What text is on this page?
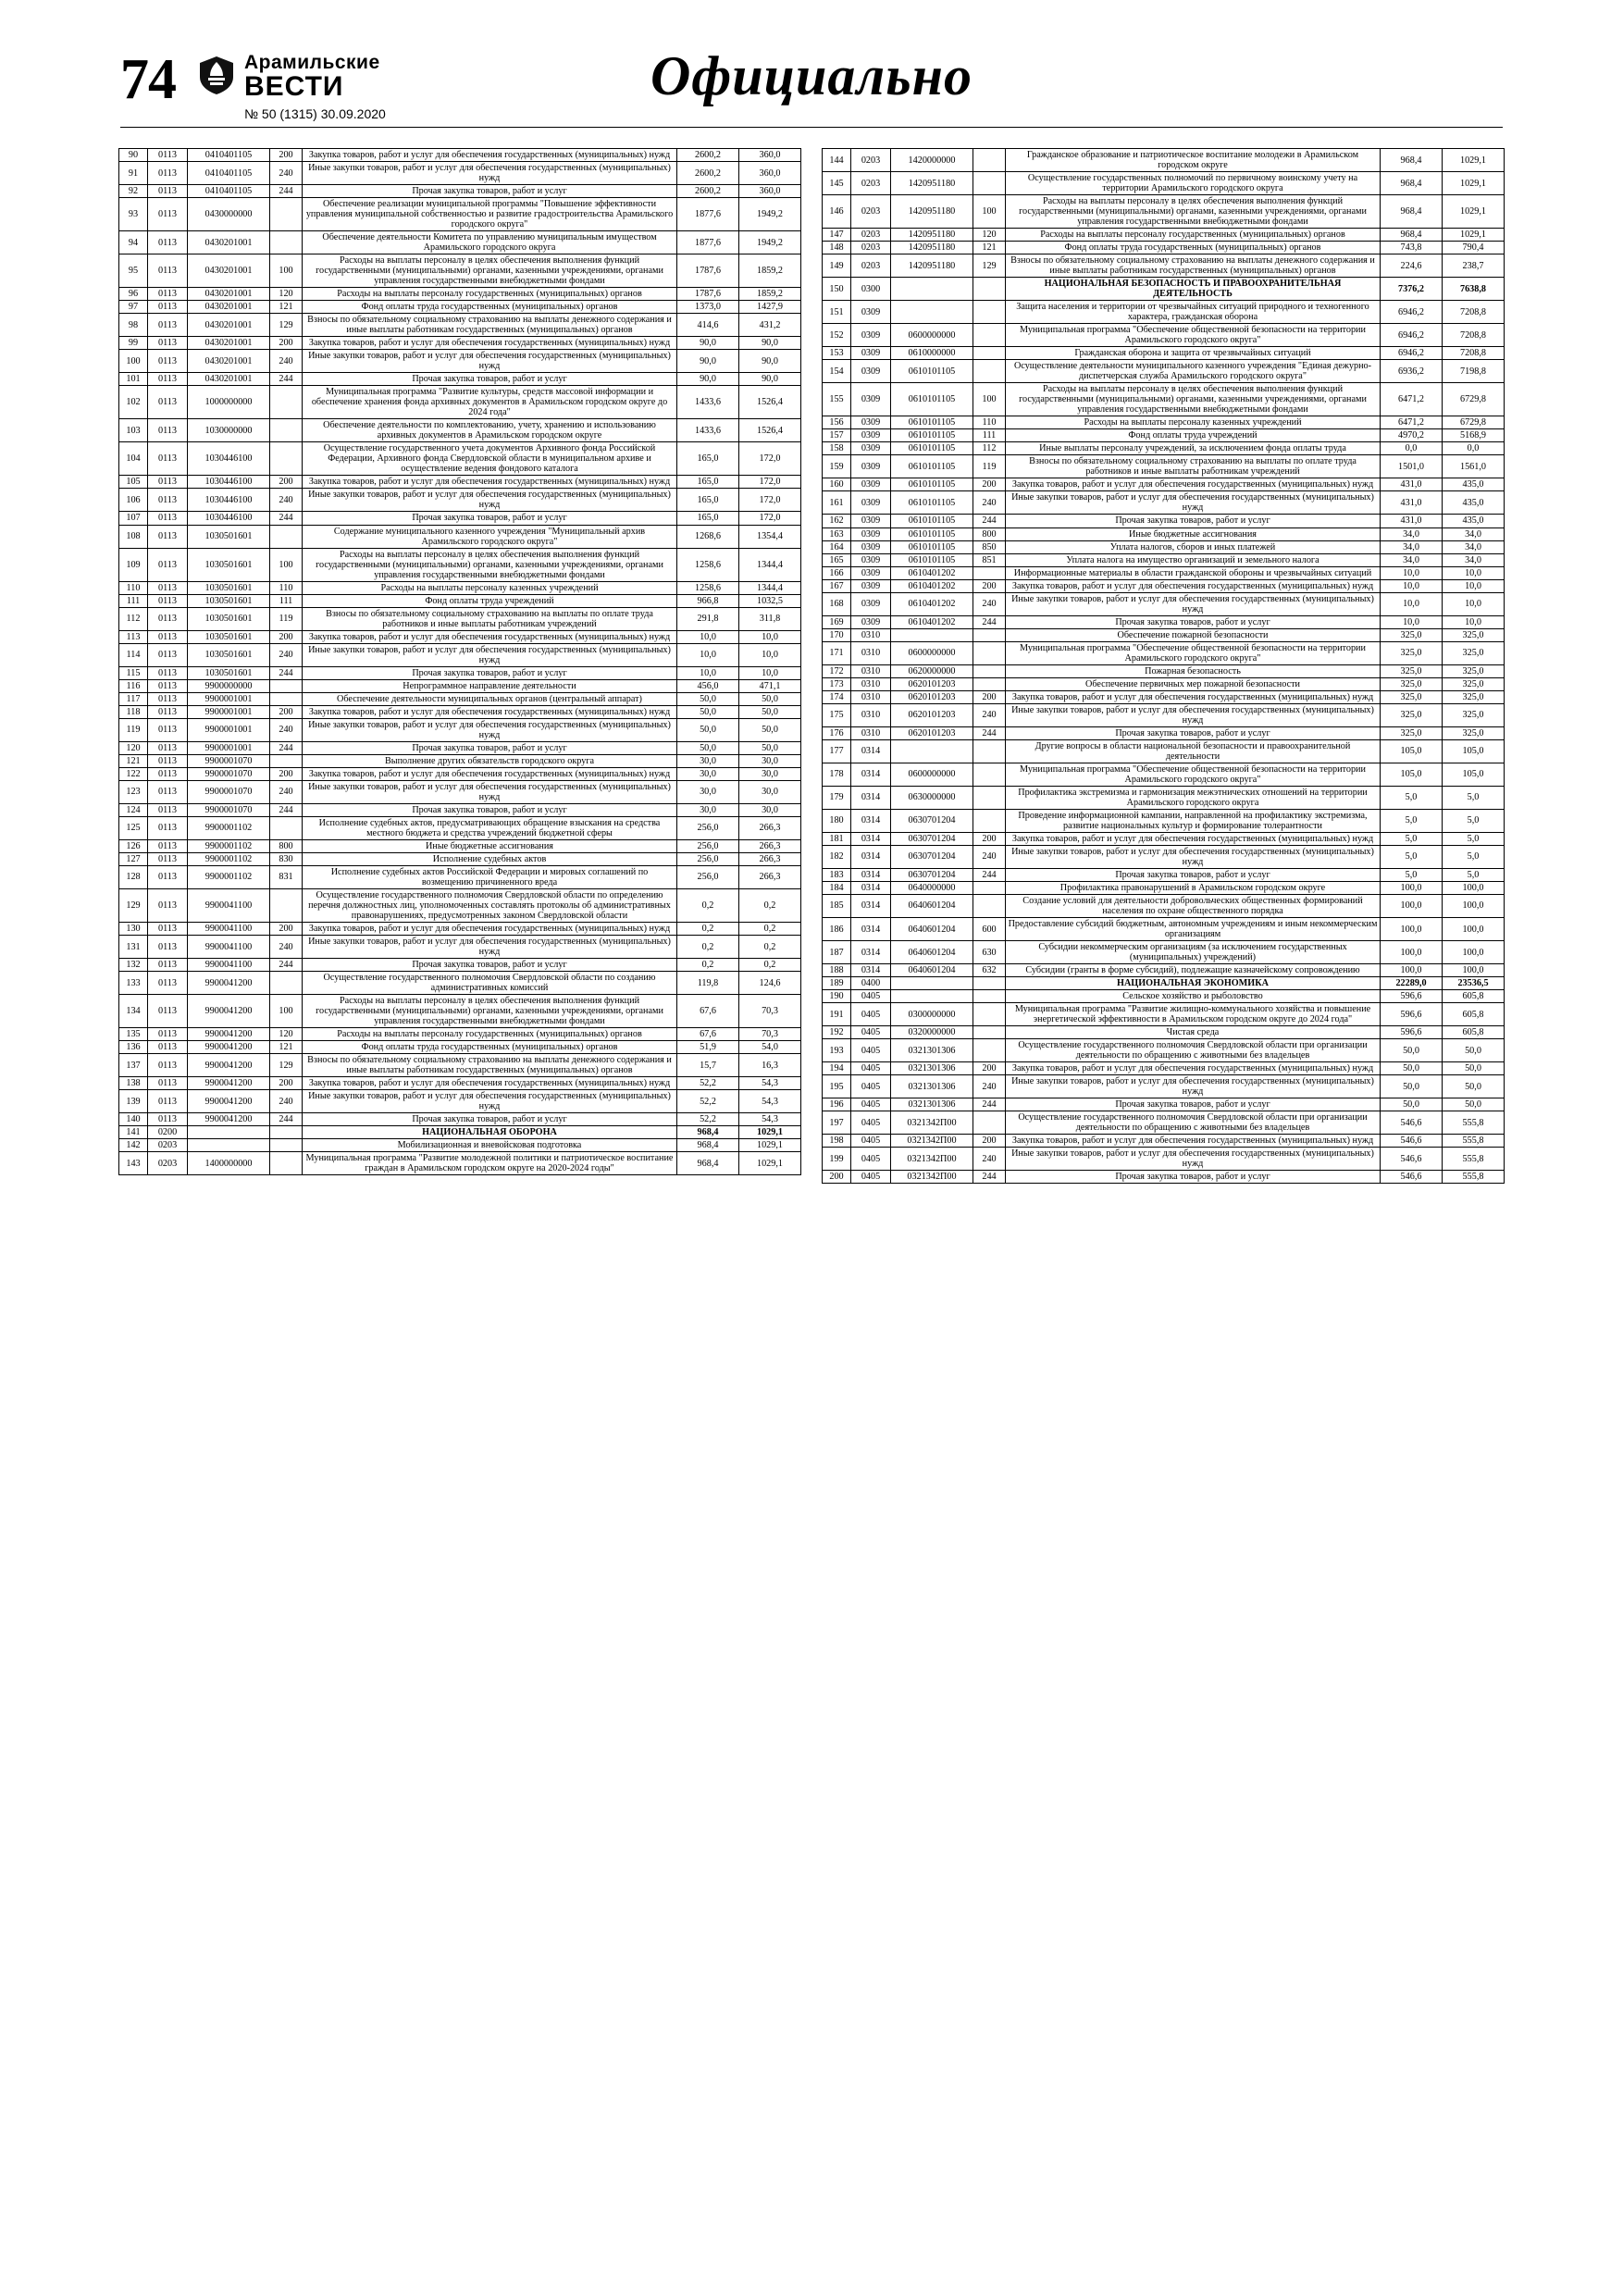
74	Арамильские
ВЕСТИ
№ 50 (1315) 30.09.2020
Официально
90	0113	0410401105	200	Закупка товаров, работ и услуг для обеспечения государственных (муниципальных) нужд	2600,2	360,0
91	0113	0410401105	240	Иные закупки товаров, работ и услуг для обеспечения государственных (муниципальных) нужд	2600,2	360,0
92	0113	0410401105	244	Прочая закупка товаров, работ и услуг	2600,2	360,0
93	0113	0430000000		Обеспечение реализации муниципальной программы "Повышение эффективности управления муниципальной собственностью и развитие градостроительства Арамильского городского округа"	1877,6	1949,2
94	0113	0430201001		Обеспечение деятельности Комитета по управлению муниципальным имуществом Арамильского городского округа	1877,6	1949,2
95	0113	0430201001	100	Расходы на выплаты персоналу в целях обеспечения выполнения функций государственными (муниципальными) органами, казенными учреждениями, органами управления государственными внебюджетными фондами	1787,6	1859,2
96	0113	0430201001	120	Расходы на выплаты персоналу государственных (муниципальных) органов	1787,6	1859,2
97	0113	0430201001	121	Фонд оплаты труда государственных (муниципальных) органов	1373,0	1427,9
98	0113	0430201001	129	Взносы по обязательному социальному страхованию на выплаты денежного содержания и иные выплаты работникам государственных (муниципальных) органов	414,6	431,2
99	0113	0430201001	200	Закупка товаров, работ и услуг для обеспечения государственных (муниципальных) нужд	90,0	90,0
100	0113	0430201001	240	Иные закупки товаров, работ и услуг для обеспечения государственных (муниципальных) нужд	90,0	90,0
101	0113	0430201001	244	Прочая закупка товаров, работ и услуг	90,0	90,0
102	0113	1000000000		Муниципальная программа "Развитие культуры, средств массовой информации и обеспечение хранения фонда архивных документов в Арамильском городском округе до 2024 года"	1433,6	1526,4
103	0113	1030000000		Обеспечение деятельности по комплектованию, учету, хранению и использованию архивных документов в Арамильском городском округе	1433,6	1526,4
104	0113	1030446100		Осуществление государственного учета документов Архивного фонда Российской Федерации, Архивного фонда Свердловской области в муниципальном архиве и осуществление ведения фондового каталога	165,0	172,0
105	0113	1030446100	200	Закупка товаров, работ и услуг для обеспечения государственных (муниципальных) нужд	165,0	172,0
106	0113	1030446100	240	Иные закупки товаров, работ и услуг для обеспечения государственных (муниципальных) нужд	165,0	172,0
107	0113	1030446100	244	Прочая закупка товаров, работ и услуг	165,0	172,0
108	0113	1030501601		Содержание муниципального казенного учреждения "Муниципальный архив Арамильского городского округа"	1268,6	1354,4
109	0113	1030501601	100	Расходы на выплаты персоналу в целях обеспечения выполнения функций государственными (муниципальными) органами, казенными учреждениями, органами управления государственными внебюджетными фондами	1258,6	1344,4
110	0113	1030501601	110	Расходы на выплаты персоналу казенных учреждений	1258,6	1344,4
111	0113	1030501601	111	Фонд оплаты труда учреждений	966,8	1032,5
112	0113	1030501601	119	Взносы по обязательному социальному страхованию на выплаты по оплате труда работников и иные выплаты работникам учреждений	291,8	311,8
113	0113	1030501601	200	Закупка товаров, работ и услуг для обеспечения государственных (муниципальных) нужд	10,0	10,0
114	0113	1030501601	240	Иные закупки товаров, работ и услуг для обеспечения государственных (муниципальных) нужд	10,0	10,0
115	0113	1030501601	244	Прочая закупка товаров, работ и услуг	10,0	10,0
116	0113	9900000000		Непрограммное направление деятельности	456,0	471,1
117	0113	9900001001		Обеспечение деятельности муниципальных органов (центральный аппарат)	50,0	50,0
118	0113	9900001001	200	Закупка товаров, работ и услуг для обеспечения государственных (муниципальных) нужд	50,0	50,0
119	0113	9900001001	240	Иные закупки товаров, работ и услуг для обеспечения государственных (муниципальных) нужд	50,0	50,0
120	0113	9900001001	244	Прочая закупка товаров, работ и услуг	50,0	50,0
121	0113	9900001070		Выполнение других обязательств городского округа	30,0	30,0
122	0113	9900001070	200	Закупка товаров, работ и услуг для обеспечения государственных (муниципальных) нужд	30,0	30,0
123	0113	9900001070	240	Иные закупки товаров, работ и услуг для обеспечения государственных (муниципальных) нужд	30,0	30,0
124	0113	9900001070	244	Прочая закупка товаров, работ и услуг	30,0	30,0
125	0113	9900001102		Исполнение судебных актов, предусматривающих обращение взыскания на средства местного бюджета и средства учреждений бюджетной сферы	256,0	266,3
126	0113	9900001102	800	Иные бюджетные ассигнования	256,0	266,3
127	0113	9900001102	830	Исполнение судебных актов	256,0	266,3
128	0113	9900001102	831	Исполнение судебных актов Российской Федерации и мировых соглашений по возмещению причиненного вреда	256,0	266,3
129	0113	9900041100		Осуществление государственного полномочия Свердловской области по определению перечня должностных лиц, уполномоченных составлять протоколы об административных правонарушениях, предусмотренных законом Свердловской области	0,2	0,2
130	0113	9900041100	200	Закупка товаров, работ и услуг для обеспечения государственных (муниципальных) нужд	0,2	0,2
131	0113	9900041100	240	Иные закупки товаров, работ и услуг для обеспечения государственных (муниципальных) нужд	0,2	0,2
132	0113	9900041100	244	Прочая закупка товаров, работ и услуг	0,2	0,2
133	0113	9900041200		Осуществление государственного полномочия Свердловской области по созданию административных комиссий	119,8	124,6
134	0113	9900041200	100	Расходы на выплаты персоналу в целях обеспечения выполнения функций государственными (муниципальными) органами, казенными учреждениями, органами управления государственными внебюджетными фондами	67,6	70,3
135	0113	9900041200	120	Расходы на выплаты персоналу государственных (муниципальных) органов	67,6	70,3
136	0113	9900041200	121	Фонд оплаты труда государственных (муниципальных) органов	51,9	54,0
137	0113	9900041200	129	Взносы по обязательному социальному страхованию на выплаты денежного содержания и иные выплаты работникам государственных (муниципальных) органов	15,7	16,3
138	0113	9900041200	200	Закупка товаров, работ и услуг для обеспечения государственных (муниципальных) нужд	52,2	54,3
139	0113	9900041200	240	Иные закупки товаров, работ и услуг для обеспечения государственных (муниципальных) нужд	52,2	54,3
140	0113	9900041200	244	Прочая закупка товаров, работ и услуг	52,2	54,3
141	0200			НАЦИОНАЛЬНАЯ ОБОРОНА	968,4	1029,1
142	0203			Мобилизационная и вневойсковая подготовка	968,4	1029,1
143	0203	1400000000		Муниципальная программа "Развитие молодежной политики и патриотическое воспитание граждан в Арамильском городском округе на 2020-2024 годы"	968,4	1029,1
144	0203	1420000000		Гражданское образование и патриотическое воспитание молодежи в Арамильском городском округе	968,4	1029,1
145	0203	1420951180		Осуществление государственных полномочий по первичному воинскому учету на территории Арамильского городского округа	968,4	1029,1
146	0203	1420951180	100	Расходы на выплаты персоналу в целях обеспечения выполнения функций государственными (муниципальными) органами, казенными учреждениями, органами управления государственными внебюджетными фондами	968,4	1029,1
147	0203	1420951180	120	Расходы на выплаты персоналу государственных (муниципальных) органов	968,4	1029,1
148	0203	1420951180	121	Фонд оплаты труда государственных (муниципальных) органов	743,8	790,4
149	0203	1420951180	129	Взносы по обязательному социальному страхованию на выплаты денежного содержания и иные выплаты работникам государственных (муниципальных) органов	224,6	238,7
150	0300			НАЦИОНАЛЬНАЯ БЕЗОПАСНОСТЬ И ПРАВООХРАНИТЕЛЬНАЯ ДЕЯТЕЛЬНОСТЬ	7376,2	7638,8
151	0309			Защита населения и территории от чрезвычайных ситуаций природного и техногенного характера, гражданская оборона	6946,2	7208,8
152	0309	0600000000		Муниципальная программа "Обеспечение общественной безопасности на территории Арамильского городского округа"	6946,2	7208,8
153	0309	0610000000		Гражданская оборона и защита от чрезвычайных ситуаций	6946,2	7208,8
154	0309	0610101105		Осуществление деятельности муниципального казенного учреждения "Единая дежурно-диспетчерская служба Арамильского городского округа"	6936,2	7198,8
155	0309	0610101105	100	Расходы на выплаты персоналу в целях обеспечения выполнения функций государственными (муниципальными) органами, казенными учреждениями, органами управления государственными внебюджетными фондами	6471,2	6729,8
156	0309	0610101105	110	Расходы на выплаты персоналу казенных учреждений	6471,2	6729,8
157	0309	0610101105	111	Фонд оплаты труда учреждений	4970,2	5168,9
158	0309	0610101105	112	Иные выплаты персоналу учреждений, за исключением фонда оплаты труда	0,0	0,0
159	0309	0610101105	119	Взносы по обязательному социальному страхованию на выплаты по оплате труда работников и иные выплаты работникам учреждений	1501,0	1561,0
160	0309	0610101105	200	Закупка товаров, работ и услуг для обеспечения государственных (муниципальных) нужд	431,0	435,0
161	0309	0610101105	240	Иные закупки товаров, работ и услуг для обеспечения государственных (муниципальных) нужд	431,0	435,0
162	0309	0610101105	244	Прочая закупка товаров, работ и услуг	431,0	435,0
163	0309	0610101105	800	Иные бюджетные ассигнования	34,0	34,0
164	0309	0610101105	850	Уплата налогов, сборов и иных платежей	34,0	34,0
165	0309	0610101105	851	Уплата налога на имущество организаций и земельного налога	34,0	34,0
166	0309	0610401202		Информационные материалы в области гражданской обороны и чрезвычайных ситуаций	10,0	10,0
167	0309	0610401202	200	Закупка товаров, работ и услуг для обеспечения государственных (муниципальных) нужд	10,0	10,0
168	0309	0610401202	240	Иные закупки товаров, работ и услуг для обеспечения государственных (муниципальных) нужд	10,0	10,0
169	0309	0610401202	244	Прочая закупка товаров, работ и услуг	10,0	10,0
170	0310			Обеспечение пожарной безопасности	325,0	325,0
171	0310	0600000000		Муниципальная программа "Обеспечение общественной безопасности на территории Арамильского городского округа"	325,0	325,0
172	0310	0620000000		Пожарная безопасность	325,0	325,0
173	0310	0620101203		Обеспечение первичных мер пожарной безопасности	325,0	325,0
174	0310	0620101203	200	Закупка товаров, работ и услуг для обеспечения государственных (муниципальных) нужд	325,0	325,0
175	0310	0620101203	240	Иные закупки товаров, работ и услуг для обеспечения государственных (муниципальных) нужд	325,0	325,0
176	0310	0620101203	244	Прочая закупка товаров, работ и услуг	325,0	325,0
177	0314			Другие вопросы в области национальной безопасности и правоохранительной деятельности	105,0	105,0
178	0314	0600000000		Муниципальная программа "Обеспечение общественной безопасности на территории Арамильского городского округа"	105,0	105,0
179	0314	0630000000		Профилактика экстремизма и гармонизация межэтнических отношений на территории Арамильского городского округа	5,0	5,0
180	0314	0630701204		Проведение информационной кампании, направленной на профилактику экстремизма, развитие национальных культур и формирование толерантности	5,0	5,0
181	0314	0630701204	200	Закупка товаров, работ и услуг для обеспечения государственных (муниципальных) нужд	5,0	5,0
182	0314	0630701204	240	Иные закупки товаров, работ и услуг для обеспечения государственных (муниципальных) нужд	5,0	5,0
183	0314	0630701204	244	Прочая закупка товаров, работ и услуг	5,0	5,0
184	0314	0640000000		Профилактика правонарушений в Арамильском городском округе	100,0	100,0
185	0314	0640601204		Создание условий для деятельности добровольческих общественных формирований населения по охране общественного порядка	100,0	100,0
186	0314	0640601204	600	Предоставление субсидий бюджетным, автономным учреждениям и иным некоммерческим организациям	100,0	100,0
187	0314	0640601204	630	Субсидии некоммерческим организациям (за исключением государственных (муниципальных) учреждений)	100,0	100,0
188	0314	0640601204	632	Субсидии (гранты в форме субсидий), подлежащие казначейскому сопровождению	100,0	100,0
189	0400			НАЦИОНАЛЬНАЯ ЭКОНОМИКА	22289,0	23536,5
190	0405			Сельское хозяйство и рыболовство	596,6	605,8
191	0405	0300000000		Муниципальная программа "Развитие жилищно-коммунального хозяйства и повышение энергетической эффективности в Арамильском городском округе до 2024 года"	596,6	605,8
192	0405	0320000000		Чистая среда	596,6	605,8
193	0405	0321301306		Осуществление государственного полномочия Свердловской области при организации деятельности по обращению с животными без владельцев	50,0	50,0
194	0405	0321301306	200	Закупка товаров, работ и услуг для обеспечения государственных (муниципальных) нужд	50,0	50,0
195	0405	0321301306	240	Иные закупки товаров, работ и услуг для обеспечения государственных (муниципальных) нужд	50,0	50,0
196	0405	0321301306	244	Прочая закупка товаров, работ и услуг	50,0	50,0
197	0405	0321342П00		Осуществление государственного полномочия Свердловской области при организации деятельности по обращению с животными без владельцев	546,6	555,8
198	0405	0321342П00	200	Закупка товаров, работ и услуг для обеспечения государственных (муниципальных) нужд	546,6	555,8
199	0405	0321342П00	240	Иные закупки товаров, работ и услуг для обеспечения государственных (муниципальных) нужд	546,6	555,8
200	0405	0321342П00	244	Прочая закупка товаров, работ и услуг	546,6	555,8
